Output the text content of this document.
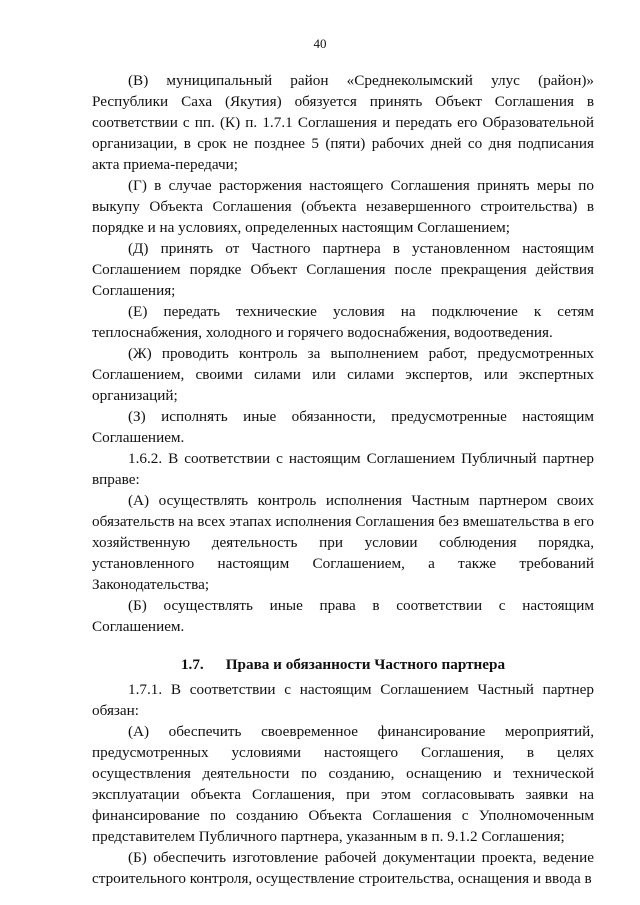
40

(В) муниципальный район «Среднеколымский улус (район)» Республики Саха (Якутия) обязуется принять Объект Соглашения в соответствии с пп. (К) п. 1.7.1 Соглашения и передать его Образовательной организации, в срок не позднее 5 (пяти) рабочих дней со дня подписания акта приема-передачи;

(Г) в случае расторжения настоящего Соглашения принять меры по выкупу Объекта Соглашения (объекта незавершенного строительства) в порядке и на условиях, определенных настоящим Соглашением;

(Д) принять от Частного партнера в установленном настоящим Соглашением порядке Объект Соглашения после прекращения действия Соглашения;

(Е) передать технические условия на подключение к сетям теплоснабжения, холодного и горячего водоснабжения, водоотведения.

(Ж) проводить контроль за выполнением работ, предусмотренных Соглашением, своими силами или силами экспертов, или экспертных организаций;

(З) исполнять иные обязанности, предусмотренные настоящим Соглашением.

1.6.2. В соответствии с настоящим Соглашением Публичный партнер вправе:

(А) осуществлять контроль исполнения Частным партнером своих обязательств на всех этапах исполнения Соглашения без вмешательства в его хозяйственную деятельность при условии соблюдения порядка, установленного настоящим Соглашением, а также требований Законодательства;

(Б) осуществлять иные права в соответствии с настоящим Соглашением.

1.7. Права и обязанности Частного партнера

1.7.1. В соответствии с настоящим Соглашением Частный партнер обязан:

(А) обеспечить своевременное финансирование мероприятий, предусмотренных условиями настоящего Соглашения, в целях осуществления деятельности по созданию, оснащению и технической эксплуатации объекта Соглашения, при этом согласовывать заявки на финансирование по созданию Объекта Соглашения с Уполномоченным представителем Публичного партнера, указанным в п. 9.1.2 Соглашения;

(Б) обеспечить изготовление рабочей документации проекта, ведение строительного контроля, осуществление строительства, оснащения и ввода в
